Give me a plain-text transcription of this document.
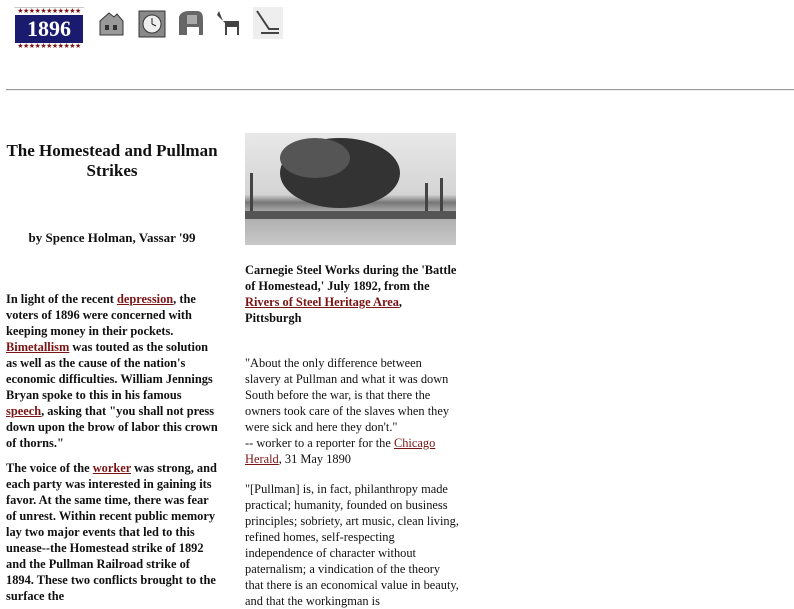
★★★★★★★★★★★
1896
★★★★★★★★★★★
The Homestead and Pullman Strikes
by Spence Holman, Vassar '99

In light of the recent depression, the voters of 1896 were concerned with keeping money in their pockets. Bimetallism was touted as the solution as well as the cause of the nation's economic difficulties. William Jennings Bryan spoke to this in his famous speech, asking that "you shall not press down upon the brow of labor this crown of thorns."

The voice of the worker was strong, and each party was interested in gaining its favor. At the same time, there was fear of unrest. Within recent public memory lay two major events that led to this unease--the Homestead strike of 1892 and the Pullman Railroad strike of 1894. These two conflicts brought to the surface the

Carnegie Steel Works during the 'Battle of Homestead,' July 1892, from the Rivers of Steel Heritage Area, Pittsburgh

"About the only difference between slavery at Pullman and what it was down South before the war, is that there the owners took care of the slaves when they were sick and here they don't."
-- worker to a reporter for the Chicago Herald, 31 May 1890

"[Pullman] is, in fact, philanthropy made practical; humanity, founded on business principles; sobriety, art music, clean living, refined homes, self-respecting independence of character without paternalism; a vindication of the theory that there is an economical value in beauty, and that the workingman is
